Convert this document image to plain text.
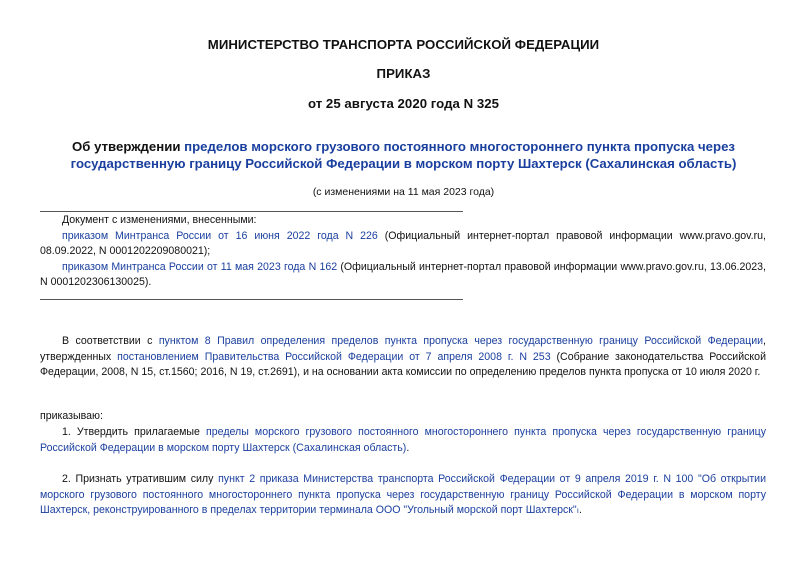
МИНИСТЕРСТВО ТРАНСПОРТА РОССИЙСКОЙ ФЕДЕРАЦИИ
ПРИКАЗ
от 25 августа 2020 года N 325
Об утверждении пределов морского грузового постоянного многостороннего пункта пропуска через государственную границу Российской Федерации в морском порту Шахтерск (Сахалинская область)
(с изменениями на 11 мая 2023 года)
Документ с изменениями, внесенными:
приказом Минтранса России от 16 июня 2022 года N 226 (Официальный интернет-портал правовой информации www.pravo.gov.ru, 08.09.2022, N 0001202209080021);
приказом Минтранса России от 11 мая 2023 года N 162 (Официальный интернет-портал правовой информации www.pravo.gov.ru, 13.06.2023, N 0001202306130025).
В соответствии с пунктом 8 Правил определения пределов пункта пропуска через государственную границу Российской Федерации, утвержденных постановлением Правительства Российской Федерации от 7 апреля 2008 г. N 253 (Собрание законодательства Российской Федерации, 2008, N 15, ст.1560; 2016, N 19, ст.2691), и на основании акта комиссии по определению пределов пункта пропуска от 10 июля 2020 г.
приказываю:
1. Утвердить прилагаемые пределы морского грузового постоянного многостороннего пункта пропуска через государственную границу Российской Федерации в морском порту Шахтерск (Сахалинская область).
2. Признать утратившим силу пункт 2 приказа Министерства транспорта Российской Федерации от 9 апреля 2019 г. N 100 "Об открытии морского грузового постоянного многостороннего пункта пропуска через государственную границу Российской Федерации в морском порту Шахтерск, реконструированного в пределах территории терминала ООО "Угольный морской порт Шахтерск"ı.
